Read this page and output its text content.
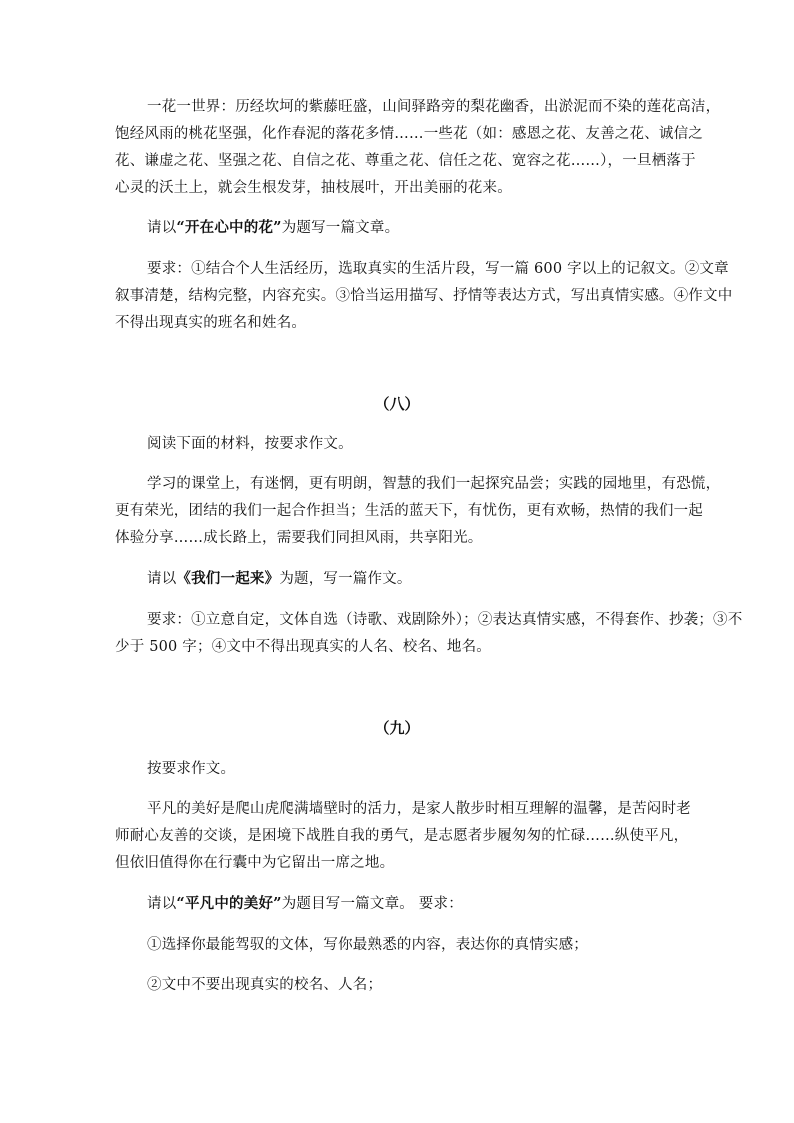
一花一世界：历经坎坷的紫藤旺盛，山间驿路旁的梨花幽香，出淤泥而不染的莲花高洁，
饱经风雨的桃花坚强，化作春泥的落花多情……一些花（如：感恩之花、友善之花、诚信之
花、谦虚之花、坚强之花、自信之花、尊重之花、信任之花、宽容之花……），一旦栖落于
心灵的沃土上，就会生根发芽，抽枝展叶，开出美丽的花来。
请以“开在心中的花”为题写一篇文章。
要求：①结合个人生活经历，选取真实的生活片段，写一篇 600 字以上的记叙文。②文章
叙事清楚，结构完整，内容充实。③恰当运用描写、抒情等表达方式，写出真情实感。④作文中
不得出现真实的班名和姓名。
（八）
阅读下面的材料，按要求作文。
学习的课堂上，有迷惘，更有明朗，智慧的我们一起探究品尝；实践的园地里，有恐慌，
更有荣光，团结的我们一起合作担当；生活的蓝天下，有忧伤，更有欢畅，热情的我们一起
体验分享……成长路上，需要我们同担风雨，共享阳光。
请以《我们一起来》为题，写一篇作文。
要求：①立意自定，文体自选（诗歌、戏剧除外）；②表达真情实感，不得套作、抄袭；③不
少于 500 字；④文中不得出现真实的人名、校名、地名。
（九）
按要求作文。
平凡的美好是爬山虎爬满墙壁时的活力，是家人散步时相互理解的温馨，是苦闷时老
师耐心友善的交谈，是困境下战胜自我的勇气，是志愿者步履匆匆的忙碌……纵使平凡，
但依旧值得你在行囊中为它留出一席之地。
请以“平凡中的美好”为题目写一篇文章。 要求：
①选择你最能驾驭的文体，写你最熟悉的内容，表达你的真情实感；
②文中不要出现真实的校名、人名；
